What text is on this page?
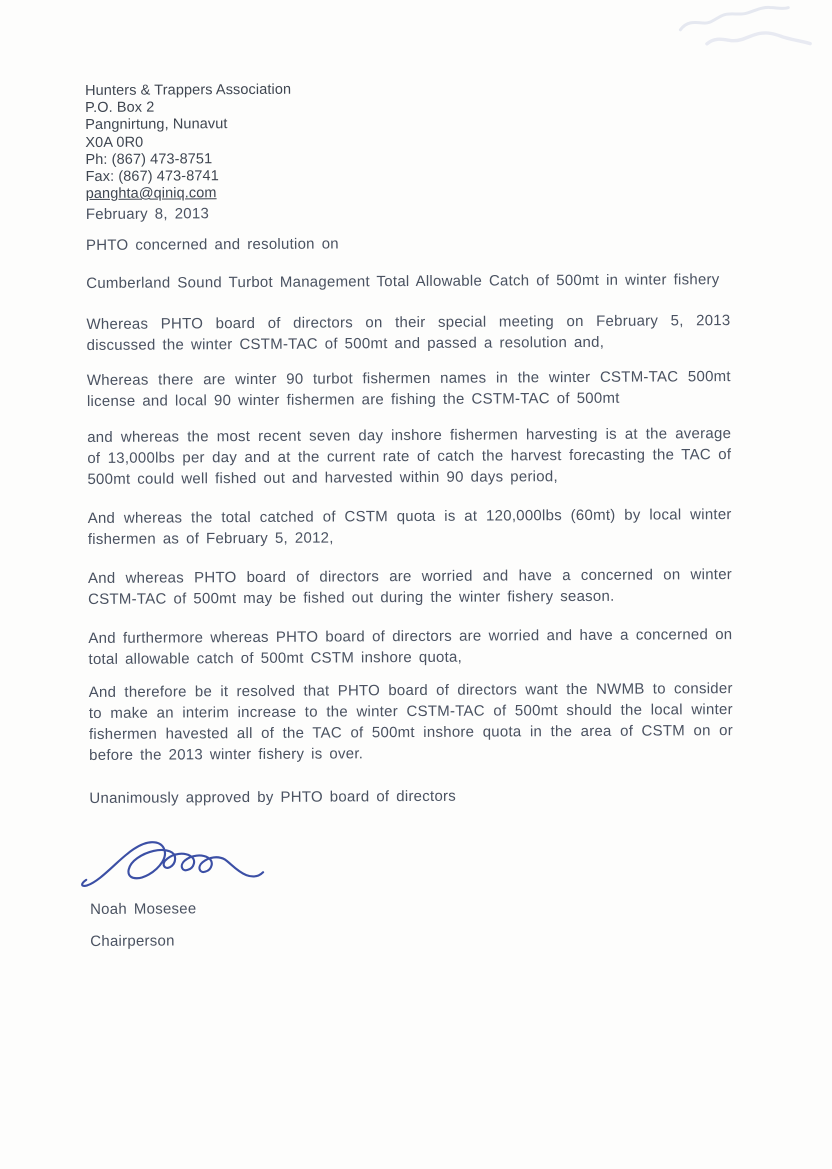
Hunters & Trappers Association
P.O. Box 2
Pangnirtung, Nunavut
X0A 0R0
Ph: (867) 473-8751
Fax: (867) 473-8741
panghta@qiniq.com
February 8, 2013

PHTO concerned and resolution on

Cumberland Sound Turbot Management Total Allowable Catch of 500mt in winter fishery

Whereas PHTO board of directors on their special meeting on February 5, 2013 discussed the winter CSTM-TAC of 500mt and passed a resolution and,

Whereas there are winter 90 turbot fishermen names in the winter CSTM-TAC 500mt license and local 90 winter fishermen are fishing the CSTM-TAC of 500mt

and whereas the most recent seven day inshore fishermen harvesting is at the average of 13,000lbs per day and at the current rate of catch the harvest forecasting the TAC of 500mt could well fished out and harvested within 90 days period,

And whereas the total catched of CSTM quota is at 120,000lbs (60mt) by local winter fishermen as of February 5, 2012,

And whereas PHTO board of directors are worried and have a concerned on winter CSTM-TAC of 500mt may be fished out during the winter fishery season.

And furthermore whereas PHTO board of directors are worried and have a concerned on total allowable catch of 500mt CSTM inshore quota,

And therefore be it resolved that PHTO board of directors want the NWMB to consider to make an interim increase to the winter CSTM-TAC of 500mt should the local winter fishermen havested all of the TAC of 500mt inshore quota in the area of CSTM on or before the 2013 winter fishery is over.

Unanimously approved by PHTO board of directors

Noah Mosesee
Chairperson
